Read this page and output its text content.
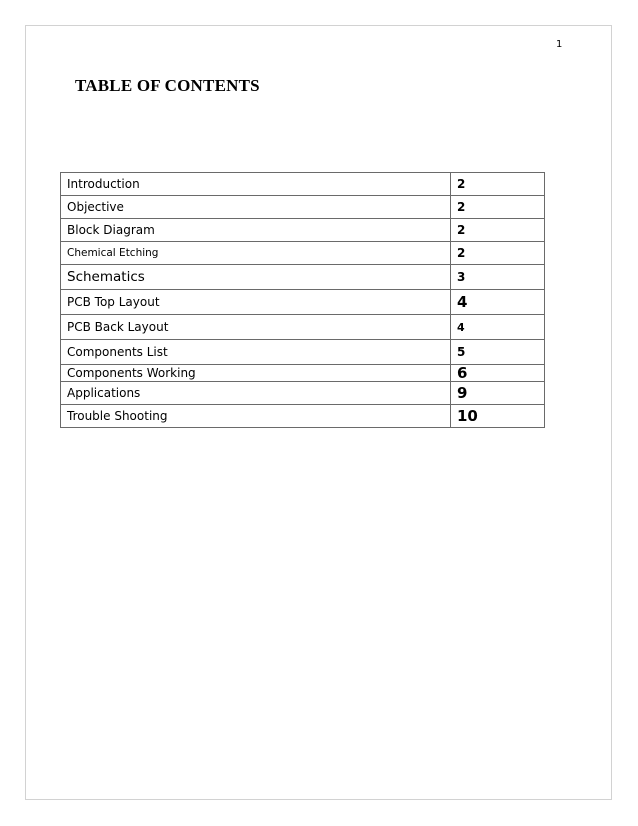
1
TABLE OF CONTENTS
Introduction	2
Objective	2
Block Diagram	2
Chemical Etching	2
Schematics	3
PCB Top Layout	4
PCB Back Layout	4
Components List	5
Components Working	6
Applications	9
Trouble Shooting	10
